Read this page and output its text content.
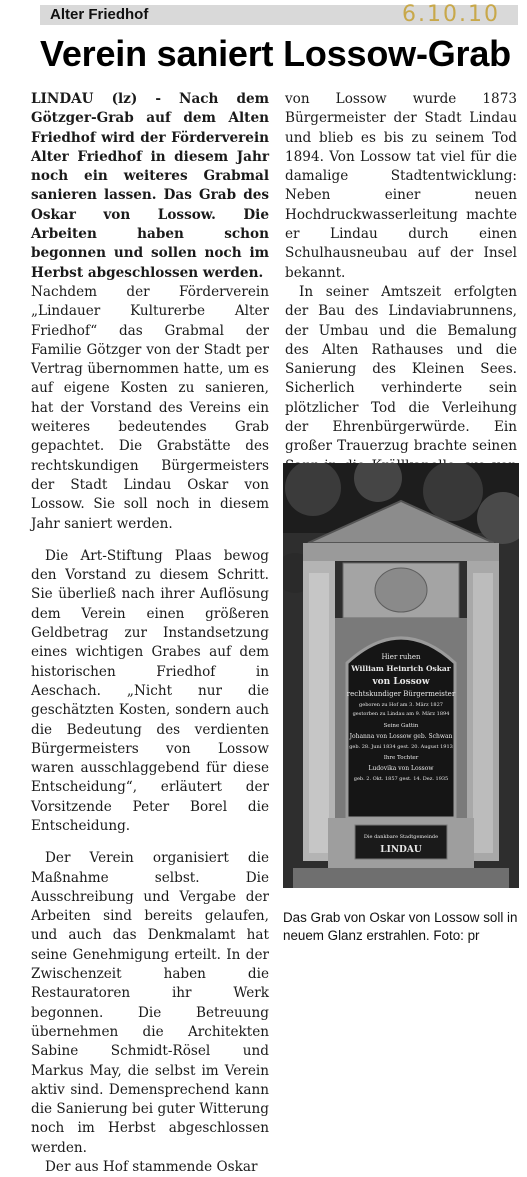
Alter Friedhof	6.10.10
Verein saniert Lossow-Grab

LINDAU (lz) - Nach dem Götzger-Grab auf dem Alten Friedhof wird der Förderverein Alter Friedhof in diesem Jahr noch ein weiteres Grabmal sanieren lassen. Das Grab des Oskar von Lossow. Die Arbeiten haben schon begonnen und sollen noch im Herbst abgeschlossen werden.

Nachdem der Förderverein „Lindauer Kulturerbe Alter Friedhof“ das Grabmal der Familie Götzger von der Stadt per Vertrag übernommen hatte, um es auf eigene Kosten zu sanieren, hat der Vorstand des Vereins ein weiteres bedeutendes Grab gepachtet. Die Grabstätte des rechtskundigen Bürgermeisters der Stadt Lindau Oskar von Lossow. Sie soll noch in diesem Jahr saniert werden.

Die Art-Stiftung Plaas bewog den Vorstand zu diesem Schritt. Sie überließ nach ihrer Auflösung dem Verein einen größeren Geldbetrag zur Instandsetzung eines wichtigen Grabes auf dem historischen Friedhof in Aeschach. „Nicht nur die geschätzten Kosten, sondern auch die Bedeutung des verdienten Bürgermeisters von Lossow waren ausschlaggebend für diese Entscheidung“, erläutert der Vorsitzende Peter Borel die Entscheidung.

Der Verein organisiert die Maßnahme selbst. Die Ausschreibung und Vergabe der Arbeiten sind bereits gelaufen, und auch das Denkmalamt hat seine Genehmigung erteilt. In der Zwischenzeit haben die Restauratoren ihr Werk begonnen. Die Betreuung übernehmen die Architekten Sabine Schmidt-Rösel und Markus May, die selbst im Verein aktiv sind. Demensprechend kann die Sanierung bei guter Witterung noch im Herbst abgeschlossen werden.

Der aus Hof stammende Oskar

von Lossow wurde 1873 Bürgermeister der Stadt Lindau und blieb es bis zu seinem Tod 1894. Von Lossow tat viel für die damalige Stadtentwicklung: Neben einer neuen Hochdruckwasserleitung machte er Lindau durch einen Schulhausneubau auf der Insel bekannt.

In seiner Amtszeit erfolgten der Bau des Lindaviabrunnens, der Umbau und die Bemalung des Alten Rathauses und die Sanierung des Kleinen Sees. Sicherlich verhinderte sein plötzlicher Tod die Verleihung der Ehrenbürgerwürde. Ein großer Trauerzug brachte seinen

Hier ruhen
William Heinrich Oskar
von Lossow
rechtskundiger Bürgermeister
geboren zu Hof am 3. März 1827
gestorben zu Lindau am 9. März 1894
Seine Gattin
Johanna von Lossow geb. Schwan
geb. 28. Juni 1834 gest. 20. August 1913
Ihre Tochter
Ludovika von Lossow
geb. 2. Okt. 1857 gest. 14. Dez. 1935
Die dankbare Stadtgemeinde
LINDAU
Das Grab von Oskar von Lossow soll in neuem Glanz erstrahlen. Foto: pr
